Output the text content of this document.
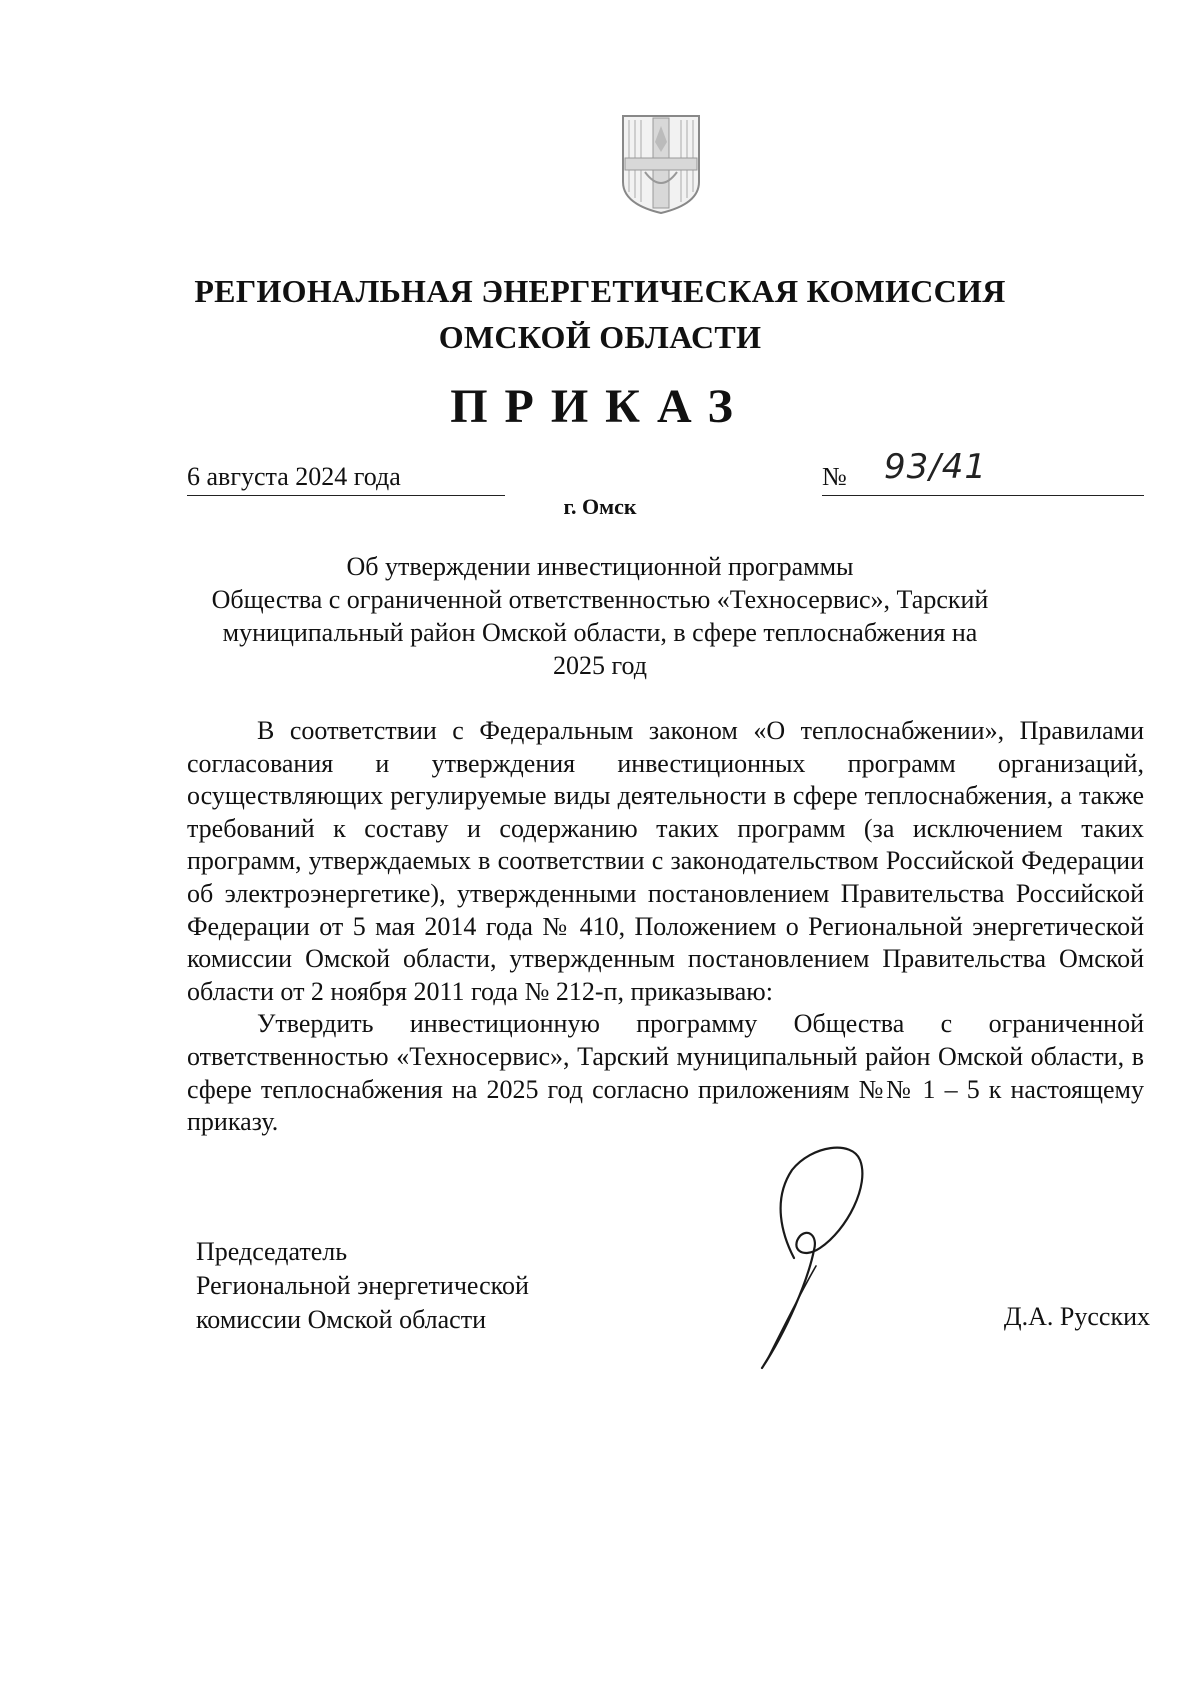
РЕГИОНАЛЬНАЯ ЭНЕРГЕТИЧЕСКАЯ КОМИССИЯ
ОМСКОЙ ОБЛАСТИ
ПРИКАЗ
6 августа 2024 года	№ 93/41
г. Омск
Об утверждении инвестиционной программы
Общества с ограниченной ответственностью «Техносервис», Тарский
муниципальный район Омской области, в сфере теплоснабжения на
2025 год

В соответствии с Федеральным законом «О теплоснабжении», Правилами согласования и утверждения инвестиционных программ организаций, осуществляющих регулируемые виды деятельности в сфере теплоснабжения, а также требований к составу и содержанию таких программ (за исключением таких программ, утверждаемых в соответствии с законодательством Российской Федерации об электроэнергетике), утвержденными постановлением Правительства Российской Федерации от 5 мая 2014 года № 410, Положением о Региональной энергетической комиссии Омской области, утвержденным постановлением Правительства Омской области от 2 ноября 2011 года № 212-п, приказываю:

Утвердить инвестиционную программу Общества с ограниченной ответственностью «Техносервис», Тарский муниципальный район Омской области, в сфере теплоснабжения на 2025 год согласно приложениям №№ 1 – 5 к настоящему приказу.

Председатель
Региональной энергетической
комиссии Омской области	Д.А. Русских
